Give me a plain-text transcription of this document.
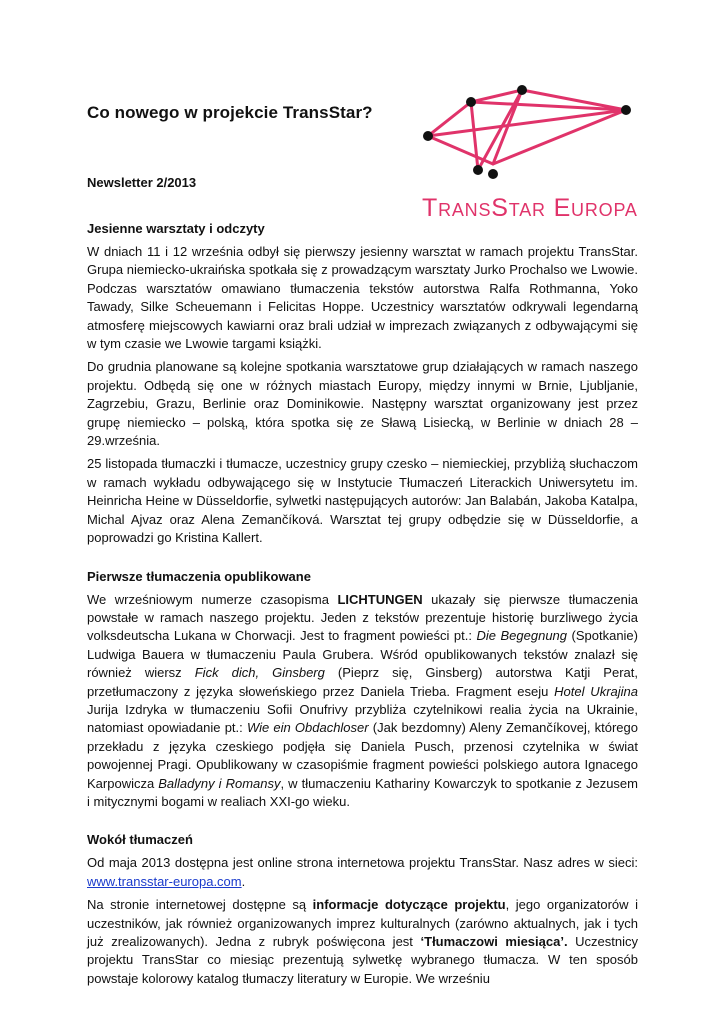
Co nowego w projekcie TransStar?
Newsletter 2/2013
TransStar Europa
Jesienne warsztaty i odczyty

W dniach 11 i 12 września odbył się pierwszy jesienny warsztat w ramach projektu TransStar. Grupa niemiecko-ukraińska spotkała się z prowadzącym warsztaty Jurko Prochalso we Lwowie. Podczas warsztatów omawiano tłumaczenia tekstów autorstwa Ralfa Rothmanna, Yoko Tawady, Silke Scheuemann i Felicitas Hoppe. Uczestnicy warsztatów odkrywali legendarną atmosferę miejscowych kawiarni oraz brali udział w imprezach związanych z odbywającymi się w tym czasie we Lwowie targami książki.

Do grudnia planowane są kolejne spotkania warsztatowe grup działających w ramach naszego projektu. Odbędą się one w różnych miastach Europy, między innymi w Brnie, Ljubljanie, Zagrzebiu, Grazu, Berlinie oraz Dominikowie. Następny warsztat organizowany jest przez grupę niemiecko – polską, która spotka się ze Sławą Lisiecką, w Berlinie w dniach 28 – 29.września.

25 listopada tłumaczki i tłumacze, uczestnicy grupy czesko – niemieckiej, przybliżą słuchaczom w ramach wykładu odbywającego się w Instytucie Tłumaczeń Literackich Uniwersytetu im. Heinricha Heine w Düsseldorfie, sylwetki następujących autorów: Jan Balabán, Jakoba Katalpa, Michal Ajvaz oraz Alena Zemančíková. Warsztat tej grupy odbędzie się w Düsseldorfie, a poprowadzi go Kristina Kallert.

Pierwsze tłumaczenia opublikowane

We wrześniowym numerze czasopisma LICHTUNGEN ukazały się pierwsze tłumaczenia powstałe w ramach naszego projektu. Jeden z tekstów prezentuje historię burzliwego życia volksdeutscha Lukana w Chorwacji. Jest to fragment powieści pt.: Die Begegnung (Spotkanie) Ludwiga Bauera w tłumaczeniu Paula Grubera. Wśród opublikowanych tekstów znalazł się również wiersz Fick dich, Ginsberg (Pieprz się, Ginsberg) autorstwa Katji Perat, przetłumaczony z języka słoweńskiego przez Daniela Trieba. Fragment eseju Hotel Ukrajina Jurija Izdryka w tłumaczeniu Sofii Onufrivy przybliża czytelnikowi realia życia na Ukrainie, natomiast opowiadanie pt.: Wie ein Obdachloser (Jak bezdomny) Aleny Zemančíkovej, którego przekładu z języka czeskiego podjęła się Daniela Pusch, przenosi czytelnika w świat powojennej Pragi. Opublikowany w czasopiśmie fragment powieści polskiego autora Ignacego Karpowicza Balladyny i Romansy, w tłumaczeniu Kathariny Kowarczyk to spotkanie z Jezusem i mitycznymi bogami w realiach XXI-go wieku.

Wokół tłumaczeń

Od maja 2013 dostępna jest online strona internetowa projektu TransStar. Nasz adres w sieci: www.transstar-europa.com.

Na stronie internetowej dostępne są informacje dotyczące projektu, jego organizatorów i uczestników, jak również organizowanych imprez kulturalnych (zarówno aktualnych, jak i tych już zrealizowanych). Jedna z rubryk poświęcona jest ‘Tłumaczowi miesiąca’. Uczestnicy projektu TransStar co miesiąc prezentują sylwetkę wybranego tłumacza. W ten sposób powstaje kolorowy katalog tłumaczy literatury w Europie. We wrześniu
